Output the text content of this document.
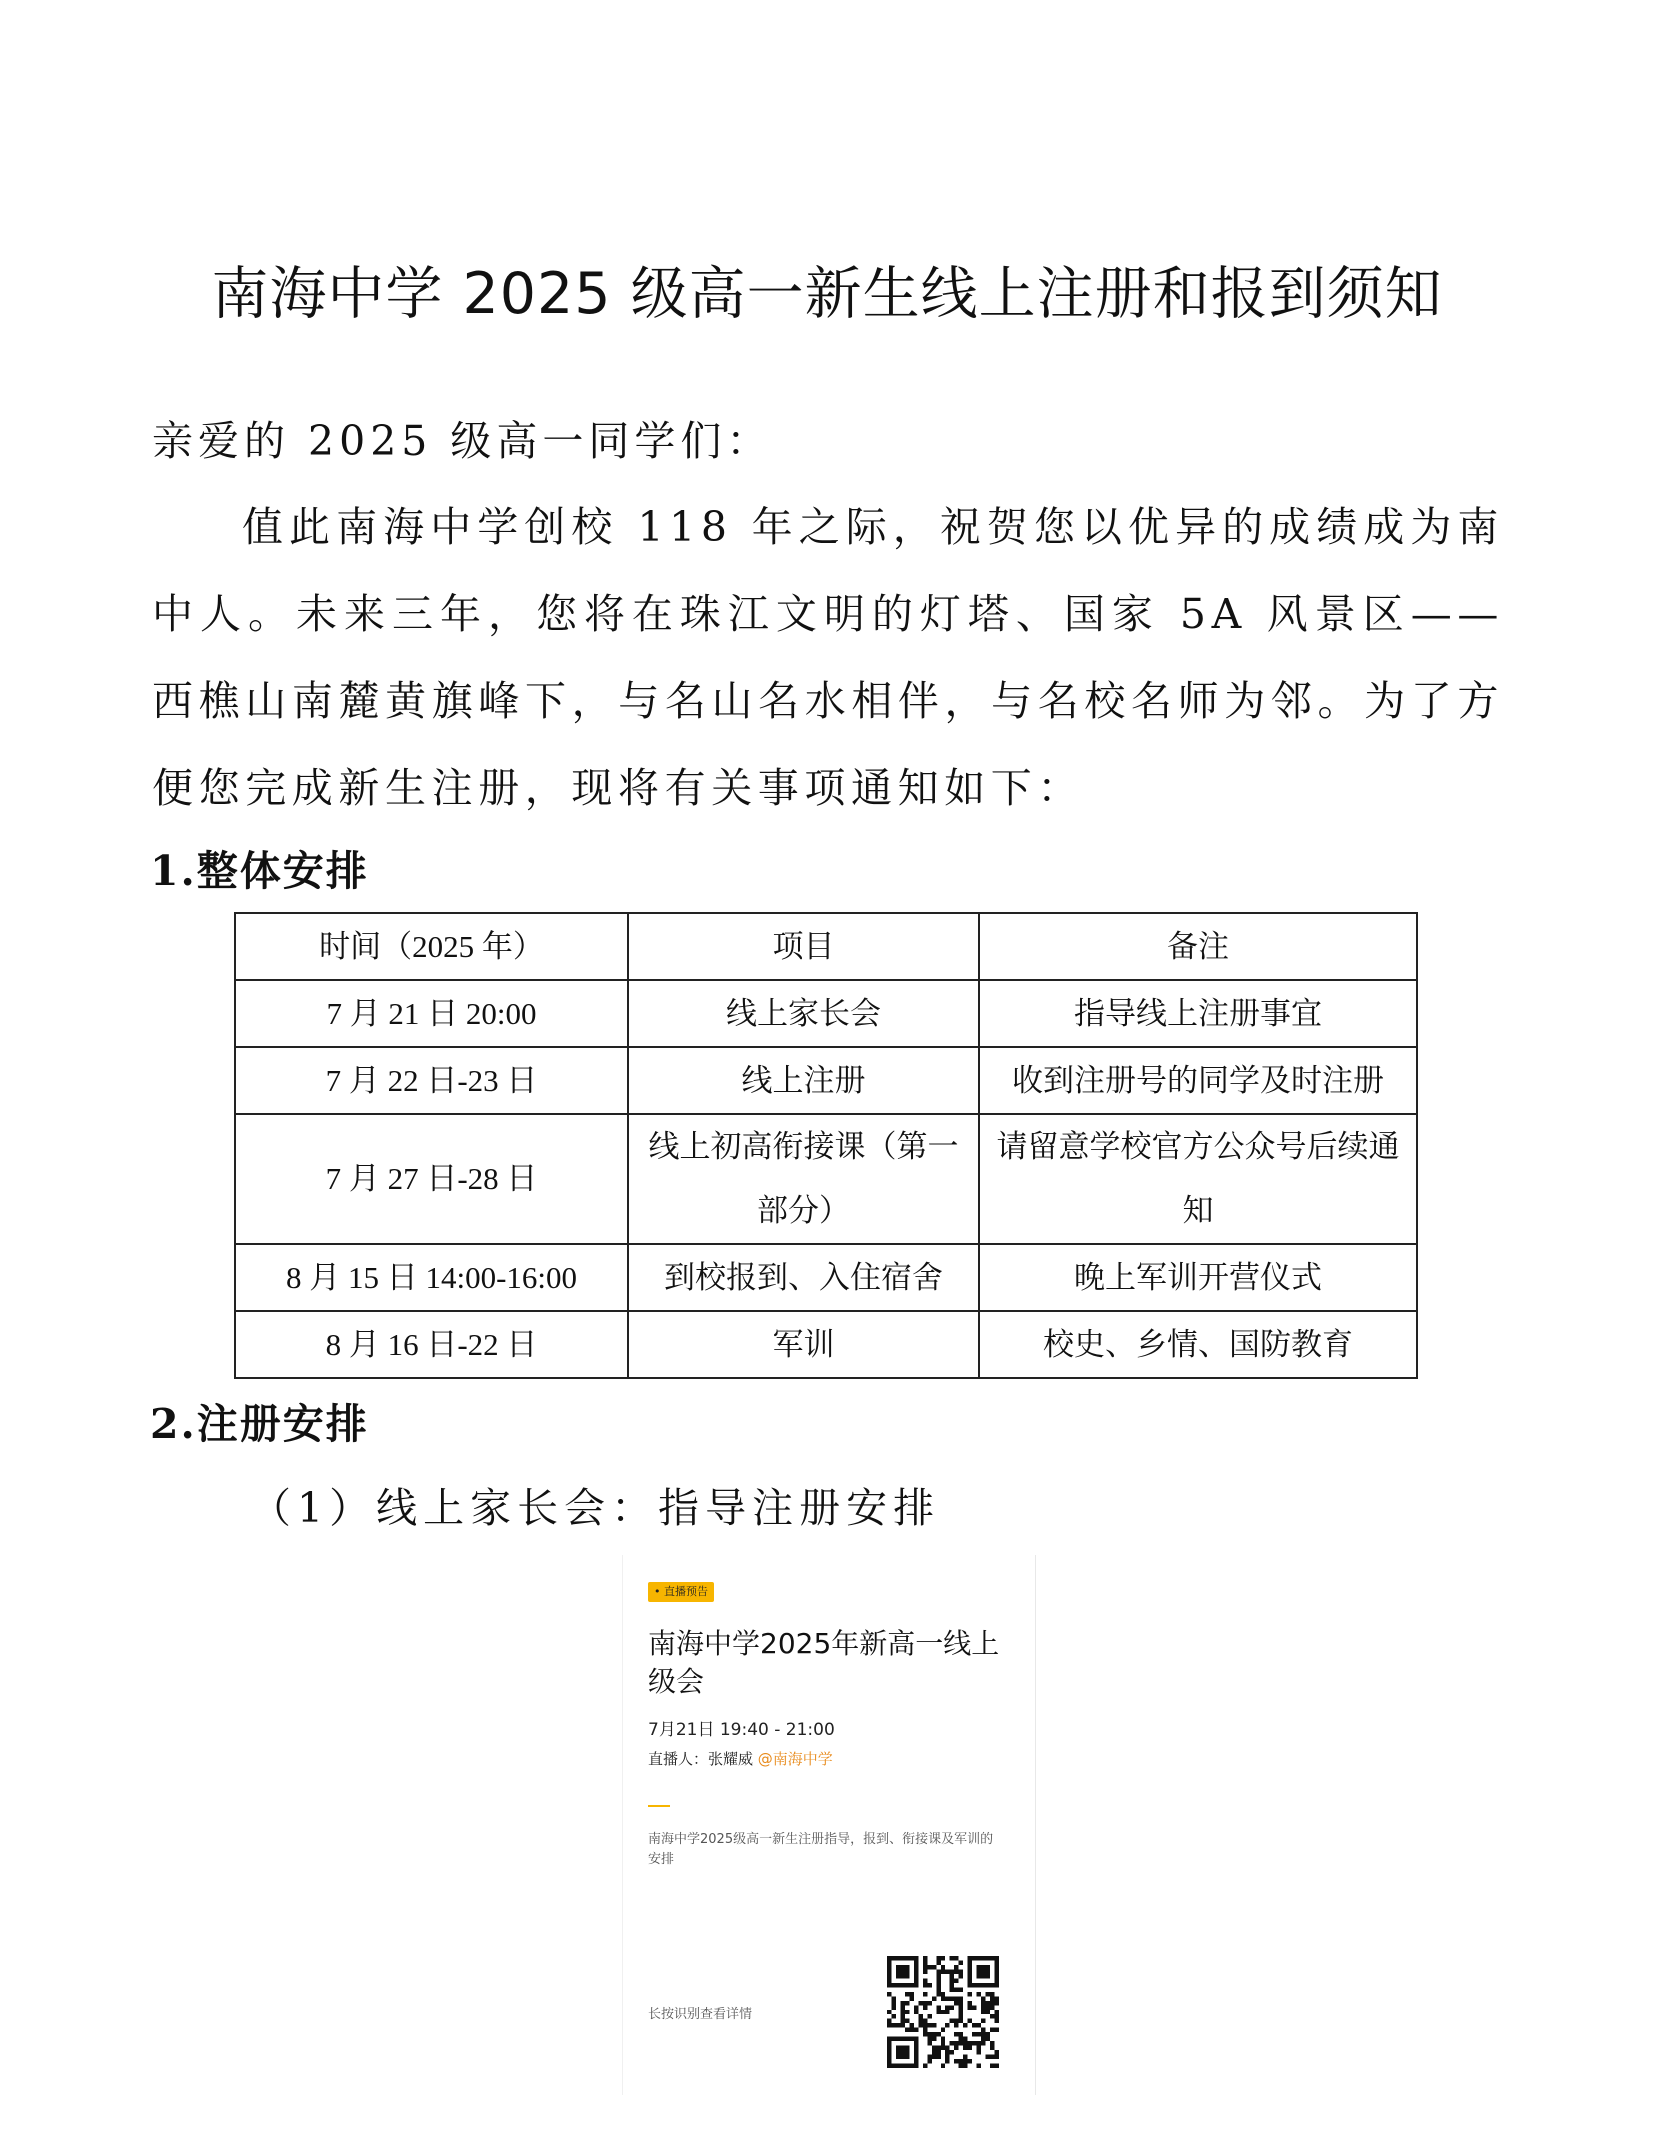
南海中学 2025 级高一新生线上注册和报到须知

亲爱的 2025 级高一同学们：

值此南海中学创校 118 年之际，祝贺您以优异的成绩成为南中人。未来三年，您将在珠江文明的灯塔、国家 5A 风景区——西樵山南麓黄旗峰下，与名山名水相伴，与名校名师为邻。为了方便您完成新生注册，现将有关事项通知如下：

1.整体安排
时间（2025 年）	项目	备注
7 月 21 日 20:00	线上家长会	指导线上注册事宜
7 月 22 日-23 日	线上注册	收到注册号的同学及时注册
7 月 27 日-28 日	线上初高衔接课（第一部分）	请留意学校官方公众号后续通知
8 月 15 日 14:00-16:00	到校报到、入住宿舍	晚上军训开营仪式
8 月 16 日-22 日	军训	校史、乡情、国防教育
2.注册安排

（1）线上家长会：指导注册安排

• 直播预告

南海中学2025年新高一线上级会

7月21日 19:40 - 21:00
直播人：张耀威 @南海中学

南海中学2025级高一新生注册指导，报到、衔接课及军训的安排

长按识别查看详情
